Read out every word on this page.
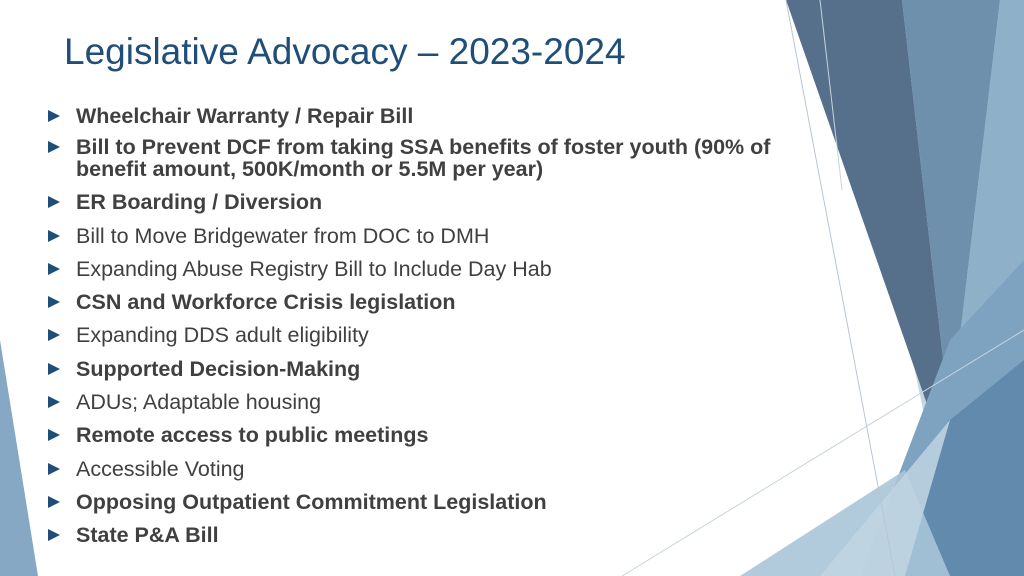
Legislative Advocacy – 2023-2024
Wheelchair Warranty / Repair Bill
Bill to Prevent DCF from taking SSA benefits of foster youth (90% of benefit amount, 500K/month or 5.5M per year)
ER Boarding / Diversion
Bill to Move Bridgewater from DOC to DMH
Expanding Abuse Registry Bill to Include Day Hab
CSN and Workforce Crisis legislation
Expanding DDS adult eligibility
Supported Decision-Making
ADUs; Adaptable housing
Remote access to public meetings
Accessible Voting
Opposing Outpatient Commitment Legislation
State P&A Bill
